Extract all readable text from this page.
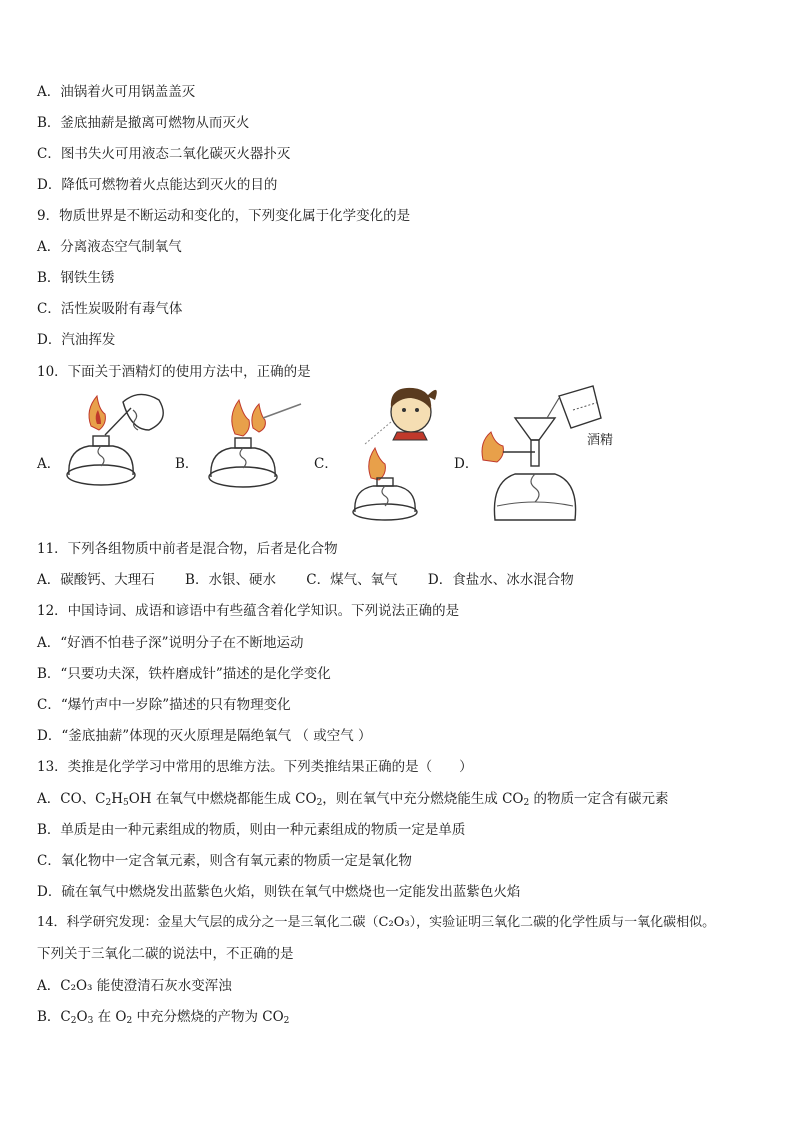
A．油锅着火可用锅盖盖灭
B．釜底抽薪是撤离可燃物从而灭火
C．图书失火可用液态二氧化碳灭火器扑灭
D．降低可燃物着火点能达到灭火的目的
9．物质世界是不断运动和变化的，下列变化属于化学变化的是
A．分离液态空气制氧气
B．钢铁生锈
C．活性炭吸附有毒气体
D．汽油挥发
10．下面关于酒精灯的使用方法中，正确的是
A．	B．	C．	D．
酒精
11．下列各组物质中前者是混合物，后者是化合物
A．碳酸钙、大理石 B．水银、硬水 C．煤气、氧气 D．食盐水、冰水混合物
12．中国诗词、成语和谚语中有些蕴含着化学知识。下列说法正确的是
A．“好酒不怕巷子深”说明分子在不断地运动
B．“只要功夫深，铁杵磨成针”描述的是化学变化
C．“爆竹声中一岁除”描述的只有物理变化
D．“釜底抽薪”体现的灭火原理是隔绝氧气 （ 或空气 ）
13．类推是化学学习中常用的思维方法。下列类推结果正确的是（　　）
A．CO、$C_2H_5OH$ 在氧气中燃烧都能生成 $CO_2$，则在氧气中充分燃烧能生成 $CO_2$ 的物质一定含有碳元素
B．单质是由一种元素组成的物质，则由一种元素组成的物质一定是单质
C．氧化物中一定含氧元素，则含有氧元素的物质一定是氧化物
D．硫在氧气中燃烧发出蓝紫色火焰，则铁在氧气中燃烧也一定能发出蓝紫色火焰
14．科学研究发现：金星大气层的成分之一是三氧化二碳（C₂O₃），实验证明三氧化二碳的化学性质与一氧化碳相似。
下列关于三氧化二碳的说法中，不正确的是
A．C₂O₃ 能使澄清石灰水变浑浊
B．$C_2O_3$ 在 $O_2$ 中充分燃烧的产物为 $CO_2$
